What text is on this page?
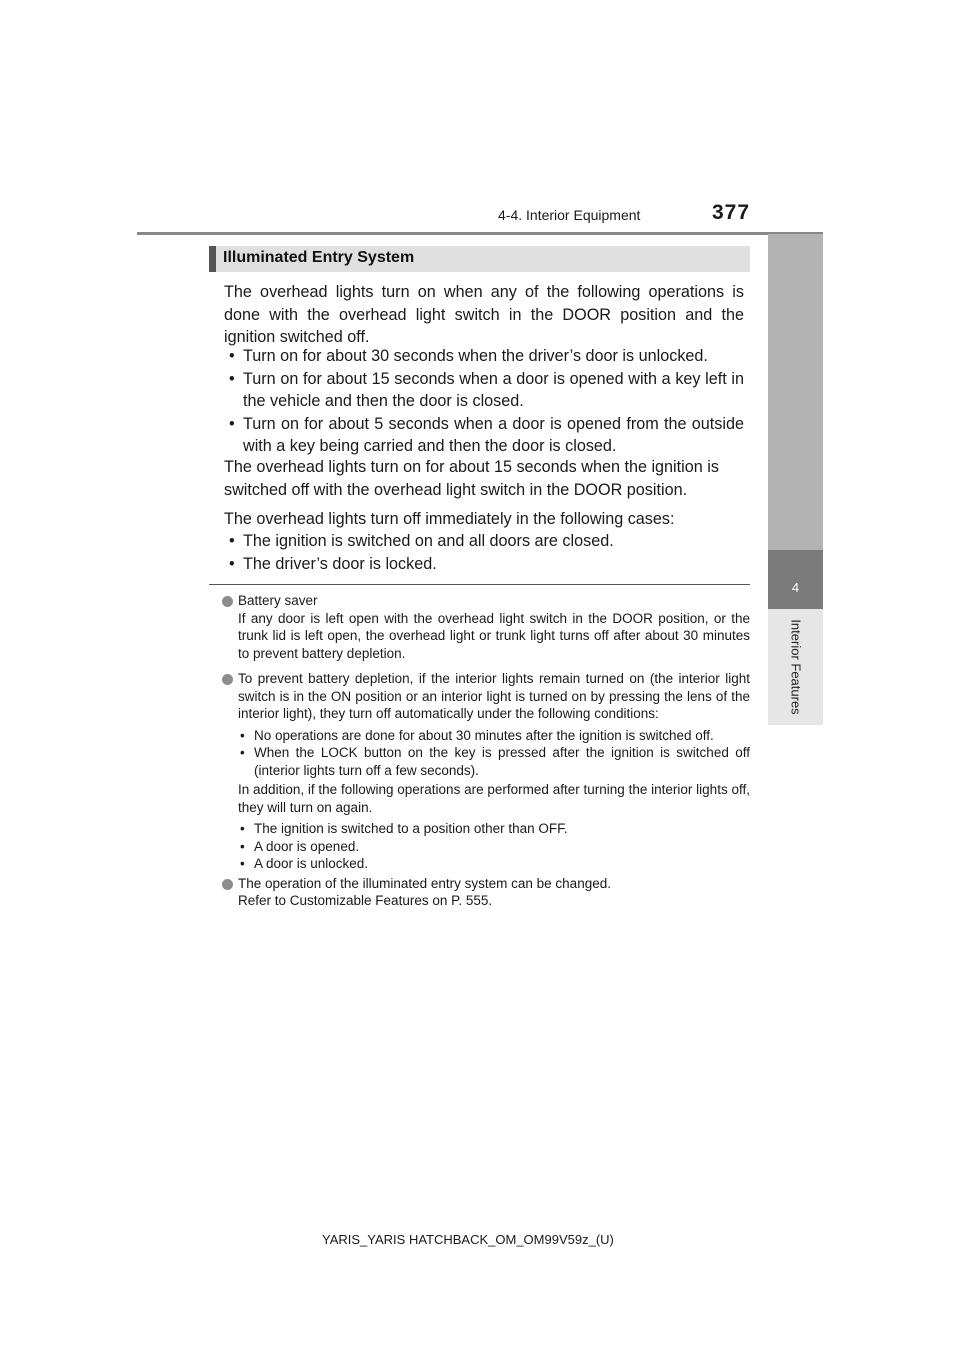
4-4. Interior Equipment	377
4
Interior Features
Illuminated Entry System
The overhead lights turn on when any of the following operations is done with the overhead light switch in the DOOR position and the ignition switched off.

• Turn on for about 30 seconds when the driver’s door is unlocked.

• Turn on for about 15 seconds when a door is opened with a key left in the vehicle and then the door is closed.

• Turn on for about 5 seconds when a door is opened from the outside with a key being carried and then the door is closed.

The overhead lights turn on for about 15 seconds when the ignition is switched off with the overhead light switch in the DOOR position.
The overhead lights turn off immediately in the following cases:

• The ignition is switched on and all doors are closed.

• The driver’s door is locked.

Battery saver
If any door is left open with the overhead light switch in the DOOR position, or the trunk lid is left open, the overhead light or trunk light turns off after about 30 minutes to prevent battery depletion.
To prevent battery depletion, if the interior lights remain turned on (the interior light switch is in the ON position or an interior light is turned on by pressing the lens of the interior light), they turn off automatically under the following conditions:
• No operations are done for about 30 minutes after the ignition is switched off.
• When the LOCK button on the key is pressed after the ignition is switched off (interior lights turn off a few seconds).
In addition, if the following operations are performed after turning the interior lights off, they will turn on again.
• The ignition is switched to a position other than OFF.
• A door is opened.
• A door is unlocked.
The operation of the illuminated entry system can be changed.
Refer to Customizable Features on P. 555.
YARIS_YARIS HATCHBACK_OM_OM99V59z_(U)
